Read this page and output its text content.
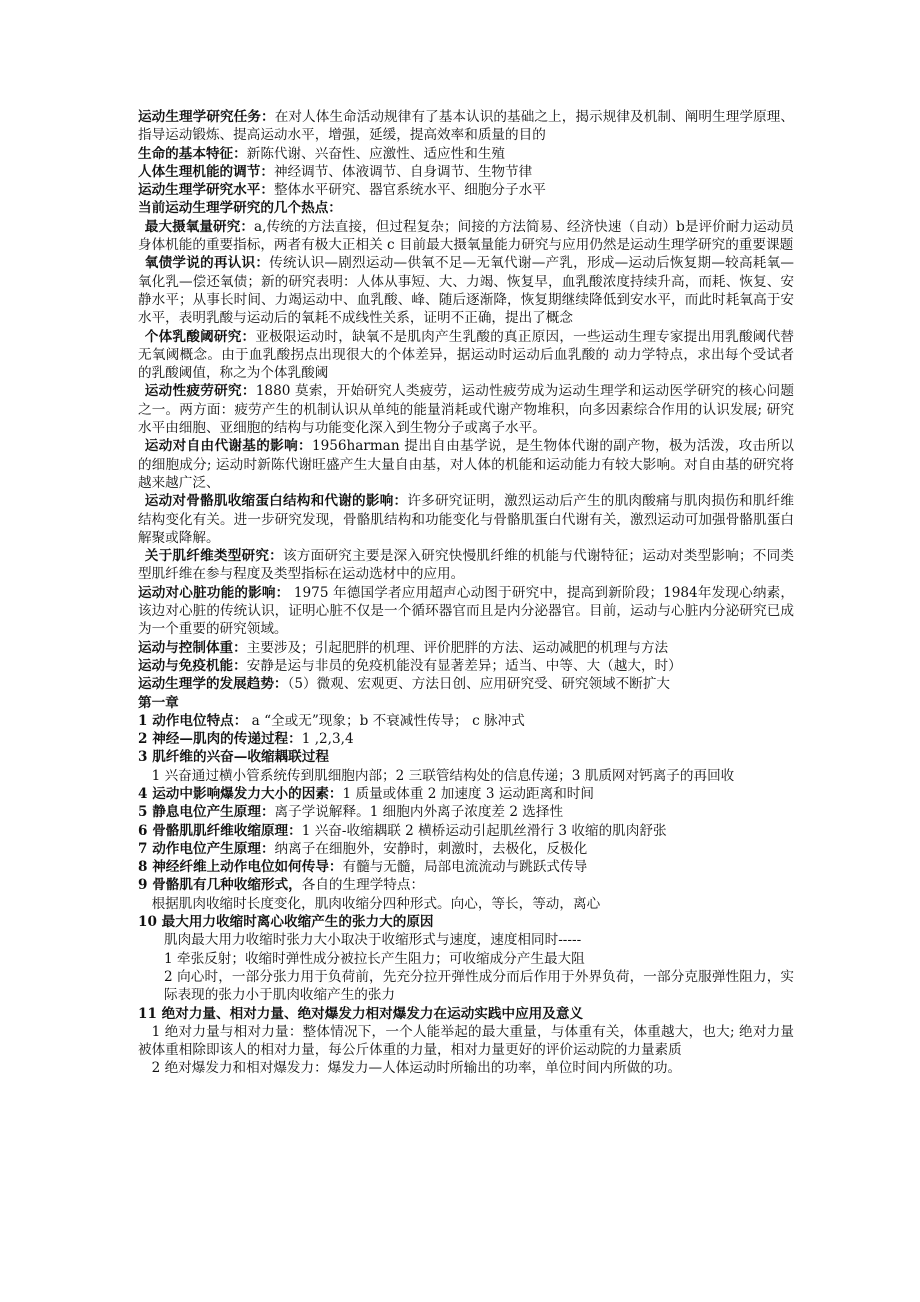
运动生理学研究任务：在对人体生命活动规律有了基本认识的基础之上，揭示规律及机制、阐明生理学原理、指导运动锻炼、提高运动水平，增强，延缓，提高效率和质量的目的

生命的基本特征：新陈代谢、兴奋性、应激性、适应性和生殖

人体生理机能的调节：神经调节、体液调节、自身调节、生物节律

运动生理学研究水平：整体水平研究、器官系统水平、细胞分子水平

当前运动生理学研究的几个热点：

最大摄氧量研究：a,传统的方法直接，但过程复杂；间接的方法简易、经济快速（自动）b是评价耐力运动员身体机能的重要指标，两者有极大正相关 c 目前最大摄氧量能力研究与应用仍然是运动生理学研究的重要课题

氧债学说的再认识：传统认识—剧烈运动—供氧不足—无氧代谢—产乳，形成—运动后恢复期—较高耗氧—氧化乳—偿还氧债；新的研究表明：人体从事短、大、力竭、恢复早，血乳酸浓度持续升高，而耗、恢复、安静水平；从事长时间、力竭运动中、血乳酸、峰、随后逐渐降，恢复期继续降低到安水平，而此时耗氧高于安水平，表明乳酸与运动后的氧耗不成线性关系，证明不正确，提出了概念

个体乳酸阈研究：亚极限运动时，缺氧不是肌肉产生乳酸的真正原因，一些运动生理专家提出用乳酸阈代替无氧阈概念。由于血乳酸拐点出现很大的个体差异，据运动时运动后血乳酸的 动力学特点，求出每个受试者的乳酸阈值，称之为个体乳酸阈

运动性疲劳研究：1880 莫索，开始研究人类疲劳，运动性疲劳成为运动生理学和运动医学研究的核心问题之一。两方面：疲劳产生的机制认识从单纯的能量消耗或代谢产物堆积，向多因素综合作用的认识发展; 研究水平由细胞、亚细胞的结构与功能变化深入到生物分子或离子水平。

运动对自由代谢基的影响：1956harman 提出自由基学说，是生物体代谢的副产物，极为活泼，攻击所以的细胞成分; 运动时新陈代谢旺盛产生大量自由基，对人体的机能和运动能力有较大影响。对自由基的研究将越来越广泛、

运动对骨骼肌收缩蛋白结构和代谢的影响：许多研究证明，激烈运动后产生的肌肉酸痛与肌肉损伤和肌纤维结构变化有关。进一步研究发现，骨骼肌结构和功能变化与骨骼肌蛋白代谢有关，激烈运动可加强骨骼肌蛋白解聚或降解。

关于肌纤维类型研究：该方面研究主要是深入研究快慢肌纤维的机能与代谢特征；运动对类型影响；不同类型肌纤维在参与程度及类型指标在运动选材中的应用。

运动对心脏功能的影响： 1975 年德国学者应用超声心动图于研究中，提高到新阶段；1984年发现心纳素，该边对心脏的传统认识，证明心脏不仅是一个循环器官而且是内分泌器官。目前，运动与心脏内分泌研究已成为一个重要的研究领域。

运动与控制体重：主要涉及；引起肥胖的机理、评价肥胖的方法、运动减肥的机理与方法

运动与免疫机能：安静是运与非员的免疫机能没有显著差异；适当、中等、大（越大，时）

运动生理学的发展趋势：（5）微观、宏观更、方法日创、应用研究受、研究领域不断扩大

第一章

1 动作电位特点： a “全或无”现象；b 不衰减性传导； c 脉冲式

2 神经—肌肉的传递过程：1 ,2,3,4

3 肌纤维的兴奋—收缩耦联过程

1 兴奋通过横小管系统传到肌细胞内部；2 三联管结构处的信息传递；3 肌质网对钙离子的再回收

4 运动中影响爆发力大小的因素：1 质量或体重 2 加速度 3 运动距离和时间

5 静息电位产生原理：离子学说解释。1 细胞内外离子浓度差 2 选择性

6 骨骼肌肌纤维收缩原理：1 兴奋-收缩耦联 2 横桥运动引起肌丝滑行 3 收缩的肌肉舒张

7 动作电位产生原理：纳离子在细胞外，安静时，刺激时，去极化，反极化

8 神经纤维上动作电位如何传导：有髓与无髓，局部电流流动与跳跃式传导

9 骨骼肌有几种收缩形式，各自的生理学特点：

根据肌肉收缩时长度变化，肌肉收缩分四种形式。向心，等长，等动，离心

10 最大用力收缩时离心收缩产生的张力大的原因

肌肉最大用力收缩时张力大小取决于收缩形式与速度，速度相同时-----

1 牵张反射；收缩时弹性成分被拉长产生阻力；可收缩成分产生最大阻

2 向心时，一部分张力用于负荷前，先充分拉开弹性成分而后作用于外界负荷，一部分克服弹性阻力，实际表现的张力小于肌肉收缩产生的张力

11 绝对力量、相对力量、绝对爆发力相对爆发力在运动实践中应用及意义

1 绝对力量与相对力量：整体情况下，一个人能举起的最大重量，与体重有关，体重越大，也大; 绝对力量被体重相除即该人的相对力量，每公斤体重的力量，相对力量更好的评价运动院的力量素质

2 绝对爆发力和相对爆发力：爆发力—人体运动时所输出的功率，单位时间内所做的功。
